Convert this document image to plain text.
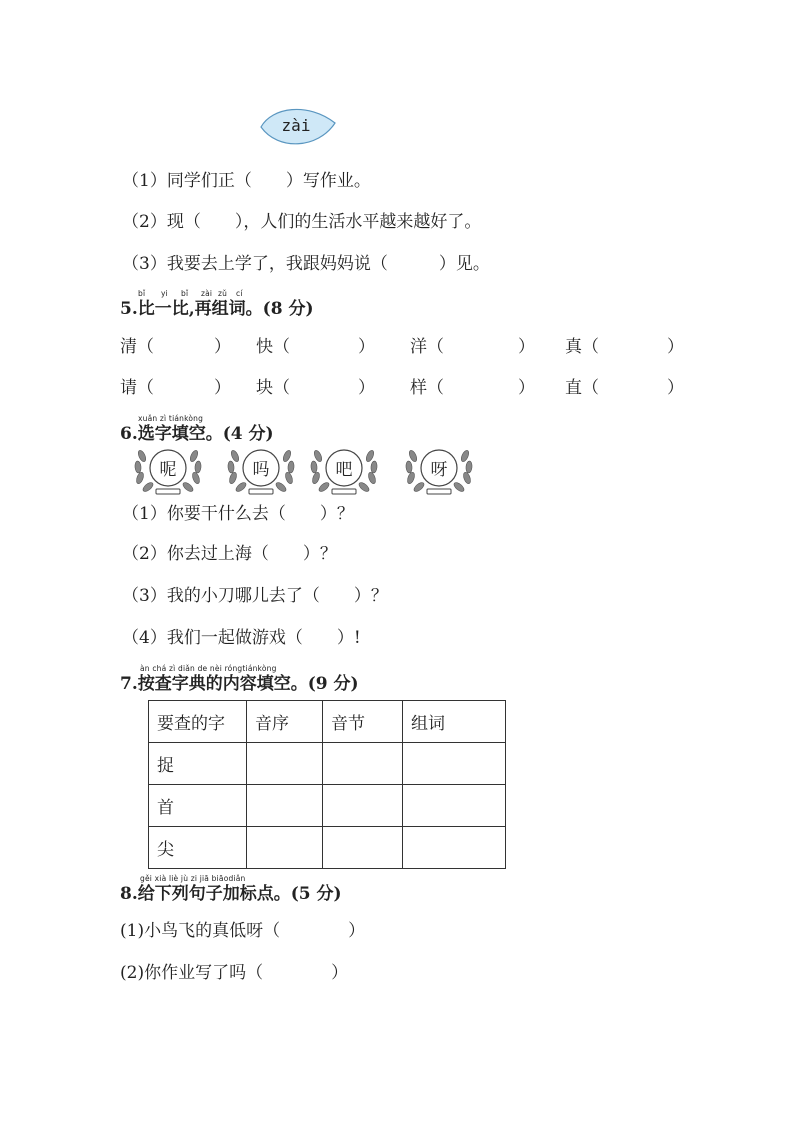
zài
（1）同学们正（　　）写作业。
（2）现（　　），人们的生活水平越来越好了。
（3）我要去上学了，我跟妈妈说（　　　）见。
bǐ yi bǐ zài zǔ cí
5.比一比,再组词。(8 分)
清（	） 快（	） 洋（	） 真（	）
请（	） 块（	） 样（	） 直（	）
xuǎn zì tiánkòng
6.选字填空。(4 分)
呢	吗	吧	呀
（1）你要干什么去（　　）？
（2）你去过上海（　　）？
（3）我的小刀哪儿去了（　　）？
（4）我们一起做游戏（　　）!
àn chá zì diǎn de nèi róngtiánkòng
7.按查字典的内容填空。(9 分)
要查的字	音序	音节	组词
捉			
首			
尖			
gěi xià liè jù zi jiā biāodiǎn
8.给下列句子加标点。(5 分)
(1)小鸟飞的真低呀（　　　　）
(2)你作业写了吗（　　　　）
